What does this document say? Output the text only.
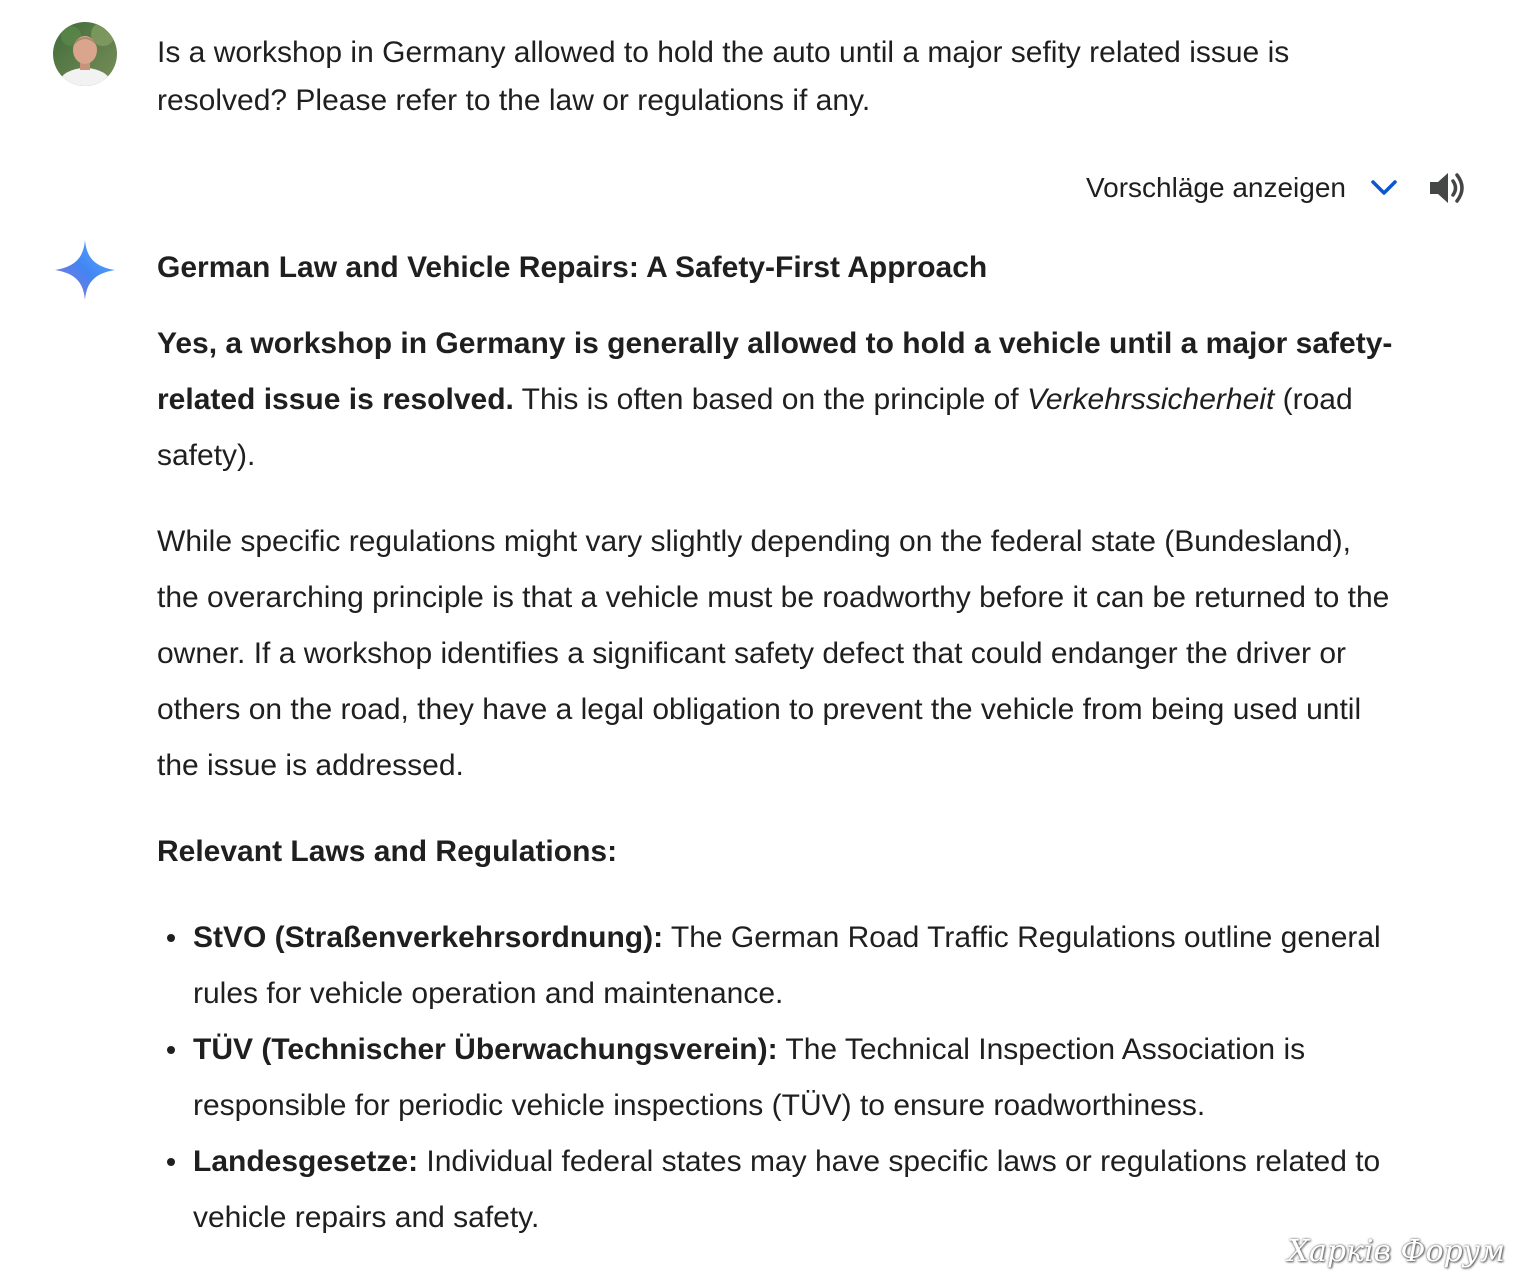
Is a workshop in Germany allowed to hold the auto until a major sefity related issue is resolved? Please refer to the law or regulations if any.

Vorschläge anzeigen
German Law and Vehicle Repairs: A Safety-First Approach

Yes, a workshop in Germany is generally allowed to hold a vehicle until a major safety-related issue is resolved. This is often based on the principle of Verkehrssicherheit (road safety).

While specific regulations might vary slightly depending on the federal state (Bundesland), the overarching principle is that a vehicle must be roadworthy before it can be returned to the owner. If a workshop identifies a significant safety defect that could endanger the driver or others on the road, they have a legal obligation to prevent the vehicle from being used until the issue is addressed.

Relevant Laws and Regulations:
StVO (Straßenverkehrsordnung): The German Road Traffic Regulations outline general rules for vehicle operation and maintenance.
TÜV (Technischer Überwachungsverein): The Technical Inspection Association is responsible for periodic vehicle inspections (TÜV) to ensure roadworthiness.
Landesgesetze: Individual federal states may have specific laws or regulations related to vehicle repairs and safety.
Харків Форум
